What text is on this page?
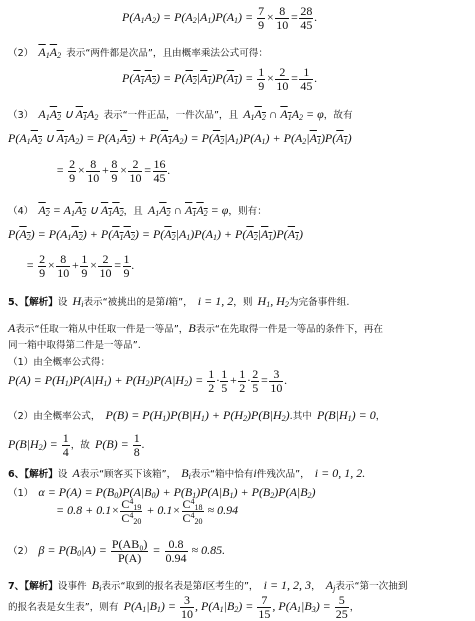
$P(A_1A_2) = P(A_2|A_1)P(A_1) = \frac{7}{9} \times \frac{8}{10} = \frac{28}{45}$ .
（2） $\overline{A}_1\overline{A}_2$ 表示“两件都是次品”，且由概率乘法公式可得：
$P(A_1A_2) = P(A_2|A_1)P(A_1) = \frac{1}{9} \times \frac{2}{10} = \frac{1}{45}$ .
（3） $A_1A_2$ ∪ $A_1A_2$ 表示“一件正品，一件次品”，且 $A_1A_2$ ∩ $A_1A_2 = \varphi$，故有
$P(A_1A_2$ ∪ $A_1A_2) = P(A_1A_2) + P(A_1A_2) = P(A_2|A_1)P(A_1) + P(A_2|A_1)P(A_1)$
= $\frac{2}{9} \times \frac{8}{10} + \frac{8}{9} \times \frac{2}{10} = \frac{16}{45}$ .
（4） $A_2 = A_1A_2$ ∪ $A_1A_2$，且 $A_1A_2$ ∩ $A_1A_2 = \varphi$，则有：
$P(A_2) = P(A_1A_2) + P(A_1A_2) = P(A_2|A_1)P(A_1) + P(A_2|A_1)P(A_1)$
= $\frac{2}{9} \times \frac{8}{10} + \frac{1}{9} \times \frac{2}{10} = \frac{1}{9}$ .
5、【解析】设 $H_i$表示“被挑出的是第i箱”， i = 1, 2，则 $H_1$, $H_2$为完备事件组.
A表示“任取一箱从中任取一件是一等品”，B表示“在先取得一件是一等品的条件下，再在
同一箱中取得第二件是一等品”.
（1）由全概率公式得：
$P(A) = P(H_1)P(A|H_1) + P(H_2)P(A|H_2) = \frac{1}{2} \cdot \frac{1}{5} + \frac{1}{2} \cdot \frac{2}{5} = \frac{3}{10}$ .
（2）由全概率公式， $P(B) = P(H_1)P(B|H_1) + P(H_2)P(B|H_2)$.其中 $P(B|H_1) = 0$，
$P(B|H_2) = \frac{1}{4}$ ，故 $P(B) = \frac{1}{8}$ .
6、【解析】设 A表示“顾客买下该箱”， $B_i$表示“箱中恰有i件残次品”， i = 0, 1, 2.
（1） $\alpha = P(A) = P(B_0)P(A|B_0) + P(B_1)P(A|B_1) + P(B_2)P(A|B_2)$
= $0.8 + 0.1\times \frac{C^4_{19}}{C^4_{20}} + 0.1\times \frac{C^4_{18}}{C^4_{20}} \approx 0.94$
（2） $\beta = P(B_0|A) = \frac{\text{P(AB₀)}}{P(A)} = \frac{0.8}{0.94} \approx 0.85$.
7、【解析】设事件 $B_i$表示“取到的报名表是第i区考生的”， i = 1, 2, 3， $A_j$表示“第一次抽到
的报名表是女生表”，则有 $P(A_1|B_1) = \frac{3}{10}$ , $P(A_1|B_2) = \frac{7}{15}$ , $P(A_1|B_3) = \frac{5}{25}$ ，
